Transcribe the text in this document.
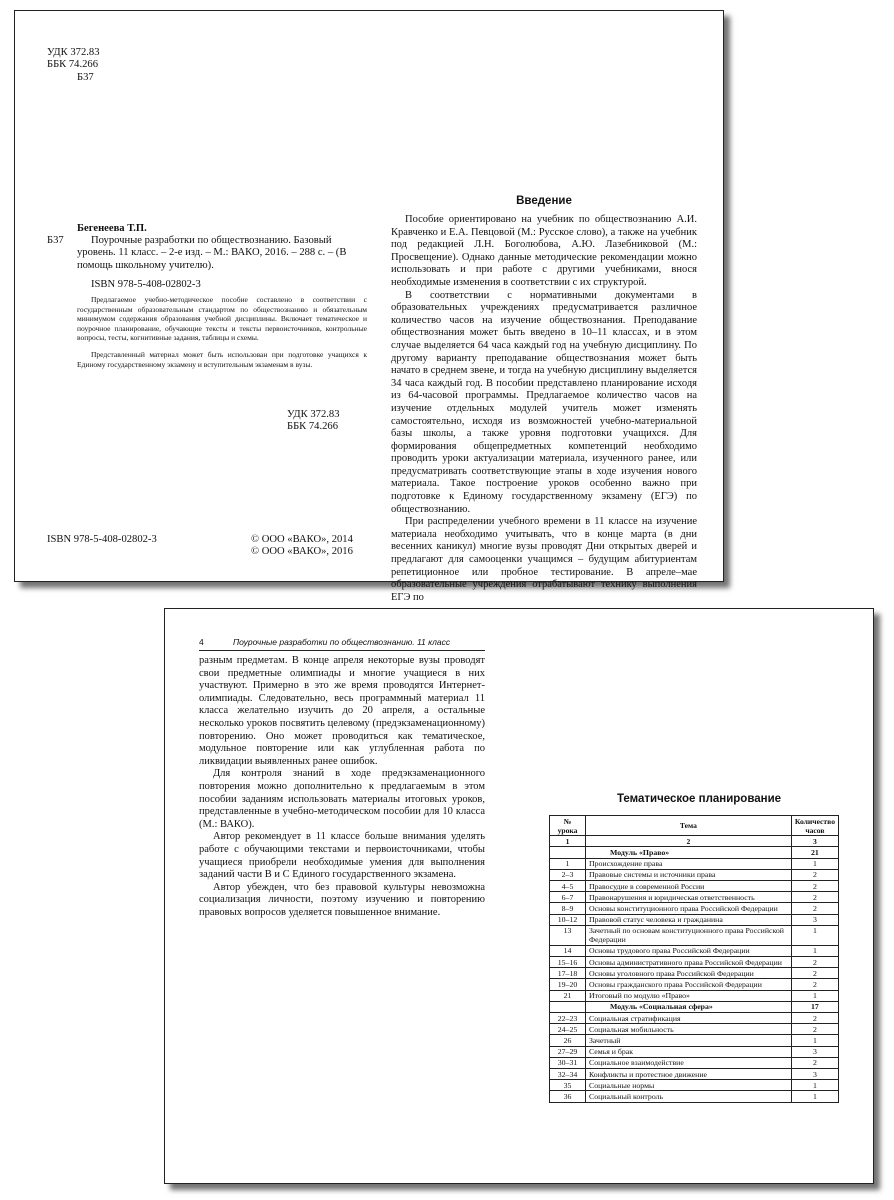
УДК 372.83
ББК 74.266
Б37
Бегенеева Т.П.
Б37	Поурочные разработки по обществознанию. Базовый уровень. 11 класс. – 2-е изд. – М.: ВАКО, 2016. – 288 с. – (В помощь школьному учителю).
ISBN 978-5-408-02802-3
Предлагаемое учебно-методическое пособие составлено в соответствии с государственным образовательным стандартом по обществознанию и обязательным минимумом содержания образования учебной дисциплины. Включает тематическое и поурочное планирование, обучающие тексты и тексты первоисточников, контрольные вопросы, тесты, когнитивные задания, таблицы и схемы.
Представленный материал может быть использован при подготовке учащихся к Единому государственному экзамену и вступительным экзаменам в вузы.
УДК 372.83
ББК 74.266
ISBN 978-5-408-02802-3	© ООО «ВАКО», 2014
© ООО «ВАКО», 2016
Введение

Пособие ориентировано на учебник по обществознанию А.И. Кравченко и Е.А. Певцовой (М.: Русское слово), а также на учебник под редакцией Л.Н. Боголюбова, А.Ю. Лазебниковой (М.: Просвещение). Однако данные методические рекомендации можно использовать и при работе с другими учебниками, внося необходимые изменения в соответствии с их структурой.

В соответствии с нормативными документами в образовательных учреждениях предусматривается различное количество часов на изучение обществознания. Преподавание обществознания может быть введено в 10–11 классах, и в этом случае выделяется 64 часа каждый год на учебную дисциплину. По другому варианту преподавание обществознания может быть начато в среднем звене, и тогда на учебную дисциплину выделяется 34 часа каждый год. В пособии представлено планирование исходя из 64-часовой программы. Предлагаемое количество часов на изучение отдельных модулей учитель может изменять самостоятельно, исходя из возможностей учебно-материальной базы школы, а также уровня подготовки учащихся. Для формирования общепредметных компетенций необходимо проводить уроки актуализации материала, изученного ранее, или предусматривать соответствующие этапы в ходе изучения нового материала. Такое построение уроков особенно важно при подготовке к Единому государственному экзамену (ЕГЭ) по обществознанию.

При распределении учебного времени в 11 классе на изучение материала необходимо учитывать, что в конце марта (в дни весенних каникул) многие вузы проводят Дни открытых дверей и предлагают для самооценки учащимся – будущим абитуриентам репетиционное или пробное тестирование. В апреле–мае образовательные учреждения отрабатывают технику выполнения ЕГЭ по

4	Поурочные разработки по обществознанию. 11 класс

разным предметам. В конце апреля некоторые вузы проводят свои предметные олимпиады и многие учащиеся в них участвуют. Примерно в это же время проводятся Интернет-олимпиады. Следовательно, весь программный материал 11 класса желательно изучить до 20 апреля, а остальные несколько уроков посвятить целевому (предэкзаменационному) повторению. Оно может проводиться как тематическое, модульное повторение или как углубленная работа по ликвидации выявленных ранее ошибок.

Для контроля знаний в ходе предэкзаменационного повторения можно дополнительно к предлагаемым в этом пособии заданиям использовать материалы итоговых уроков, представленные в учебно-методическом пособии для 10 класса (М.: ВАКО).

Автор рекомендует в 11 классе больше внимания уделять работе с обучающими текстами и первоисточниками, чтобы учащиеся приобрели необходимые умения для выполнения заданий части В и С Единого государственного экзамена.

Автор убежден, что без правовой культуры невозможна социализация личности, поэтому изучению и повторению правовых вопросов уделяется повышенное внимание.

Тематическое планирование
№ урока	Тема	Количество часов
1	2	3
	Модуль «Право»	21
1	Происхождение права	1
2–3	Правовые системы и источники права	2
4–5	Правосудие в современной России	2
6–7	Правонарушения и юридическая ответственность	2
8–9	Основы конституционного права Российской Федерации	2
10–12	Правовой статус человека и гражданина	3
13	Зачетный по основам конституционного права Российской Федерации	1
14	Основы трудового права Российской Федерации	1
15–16	Основы административного права Российской Федерации	2
17–18	Основы уголовного права Российской Федерации	2
19–20	Основы гражданского права Российской Федерации	2
21	Итоговый по модулю «Право»	1
	Модуль «Социальная сфера»	17
22–23	Социальная стратификация	2
24–25	Социальная мобильность	2
26	Зачетный	1
27–29	Семья и брак	3
30–31	Социальное взаимодействие	2
32–34	Конфликты и протестное движение	3
35	Социальные нормы	1
36	Социальный контроль	1
